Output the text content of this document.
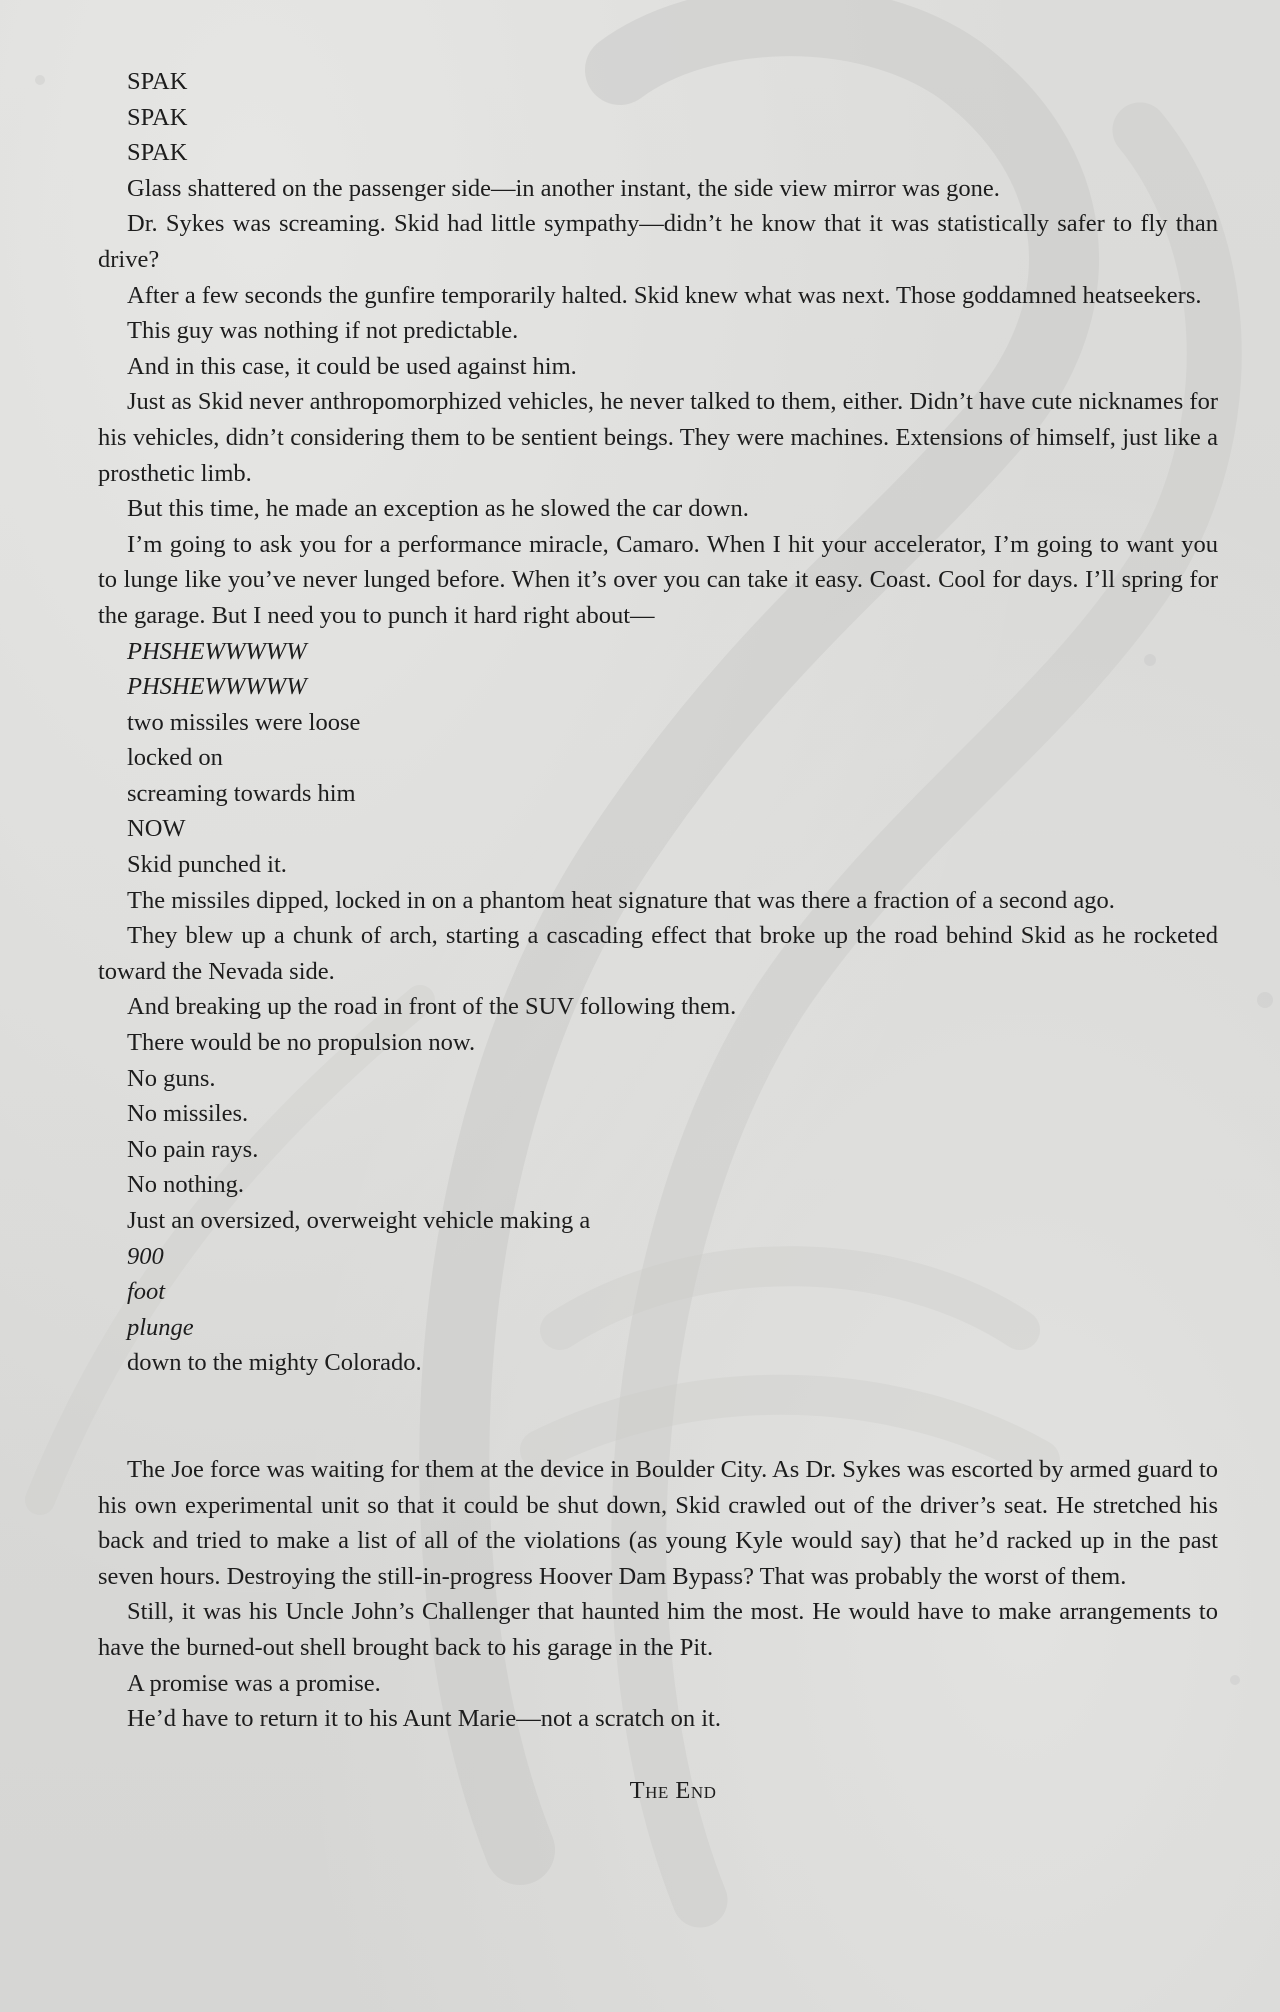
SPAK

SPAK

SPAK

Glass shattered on the passenger side—in another instant, the side view mirror was gone.

Dr. Sykes was screaming. Skid had little sympathy—didn’t he know that it was statistically safer to fly than drive?

After a few seconds the gunfire temporarily halted. Skid knew what was next. Those goddamned heatseekers.

This guy was nothing if not predictable.

And in this case, it could be used against him.

Just as Skid never anthropomorphized vehicles, he never talked to them, either. Didn’t have cute nicknames for his vehicles, didn’t considering them to be sentient beings. They were machines. Extensions of himself, just like a prosthetic limb.

But this time, he made an exception as he slowed the car down.

I’m going to ask you for a performance miracle, Camaro. When I hit your accelerator, I’m going to want you to lunge like you’ve never lunged before. When it’s over you can take it easy. Coast. Cool for days. I’ll spring for the garage. But I need you to punch it hard right about—

PHSHEWWWWW

PHSHEWWWWW

two missiles were loose

locked on

screaming towards him

NOW

Skid punched it.

The missiles dipped, locked in on a phantom heat signature that was there a fraction of a second ago.

They blew up a chunk of arch, starting a cascading effect that broke up the road behind Skid as he rocketed toward the Nevada side.

And breaking up the road in front of the SUV following them.

There would be no propulsion now.

No guns.

No missiles.

No pain rays.

No nothing.

Just an oversized, overweight vehicle making a

900

foot

plunge

down to the mighty Colorado.

The Joe force was waiting for them at the device in Boulder City. As Dr. Sykes was escorted by armed guard to his own experimental unit so that it could be shut down, Skid crawled out of the driver’s seat. He stretched his back and tried to make a list of all of the violations (as young Kyle would say) that he’d racked up in the past seven hours. Destroying the still-in-progress Hoover Dam Bypass? That was probably the worst of them.

Still, it was his Uncle John’s Challenger that haunted him the most. He would have to make arrangements to have the burned-out shell brought back to his garage in the Pit.

A promise was a promise.

He’d have to return it to his Aunt Marie—not a scratch on it.

The End
